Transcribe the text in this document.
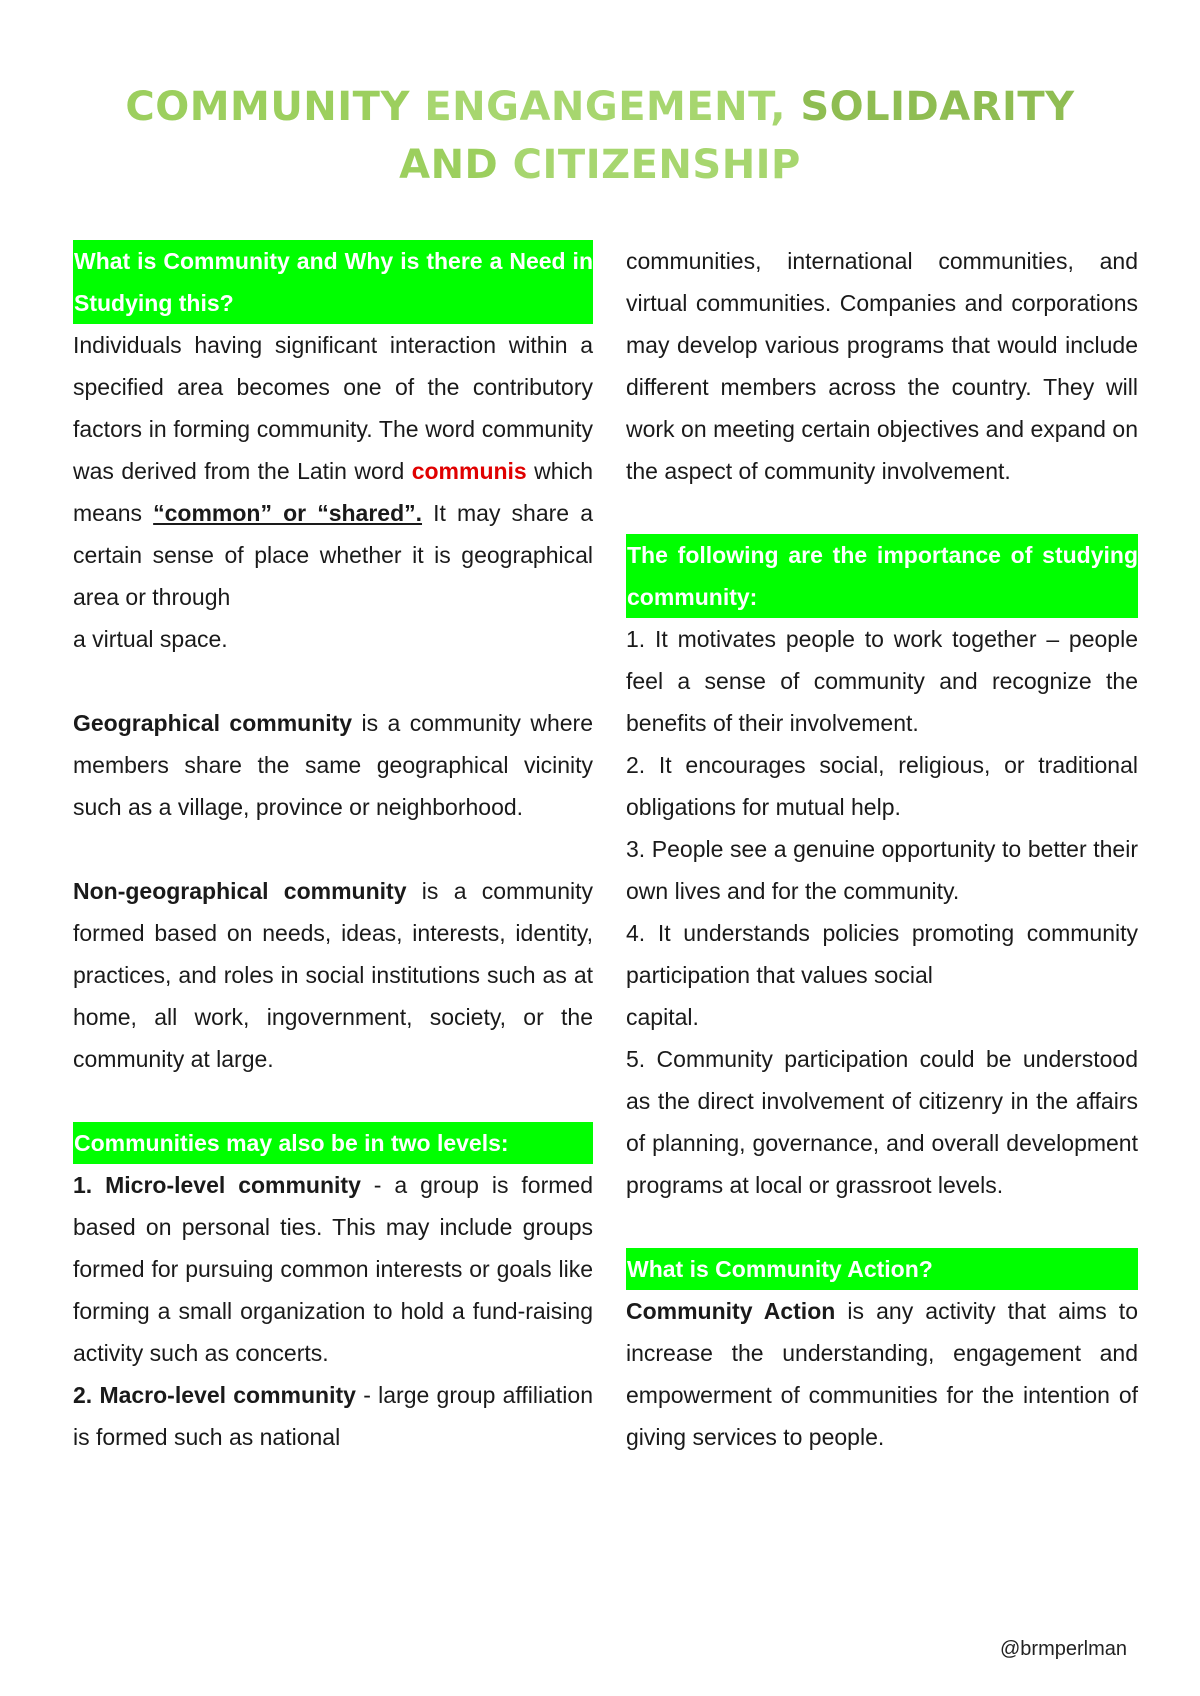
COMMUNITY ENGANGEMENT, SOLIDARITY
AND CITIZENSHIP
What is Community and Why is there a Need in Studying this?

Individuals having significant interaction within a specified area becomes one of the contributory factors in forming community. The word community was derived from the Latin word communis which means “common” or “shared”. It may share a certain sense of place whether it is geographical area or through

a virtual space.

Geographical community is a community where members share the same geographical vicinity such as a village, province or neighborhood.

Non-geographical community is a community formed based on needs, ideas, interests, identity, practices, and roles in social institutions such as at home, all work, ingovernment, society, or the community at large.

Communities may also be in two levels:

1. Micro-level community - a group is formed based on personal ties. This may include groups formed for pursuing common interests or goals like forming a small organization to hold a fund-raising activity such as concerts.

2. Macro-level community - large group affiliation is formed such as national

communities, international communities, and virtual communities. Companies and corporations may develop various programs that would include different members across the country. They will work on meeting certain objectives and expand on the aspect of community involvement.

The following are the importance of studying community:

1. It motivates people to work together – people feel a sense of community and recognize the benefits of their involvement.

2. It encourages social, religious, or traditional obligations for mutual help.

3. People see a genuine opportunity to better their own lives and for the community.

4. It understands policies promoting community participation that values social

capital.

5. Community participation could be understood as the direct involvement of citizenry in the affairs of planning, governance, and overall development programs at local or grassroot levels.

What is Community Action?

Community Action is any activity that aims to increase the understanding, engagement and empowerment of communities for the intention of giving services to people.

@brmperlman
